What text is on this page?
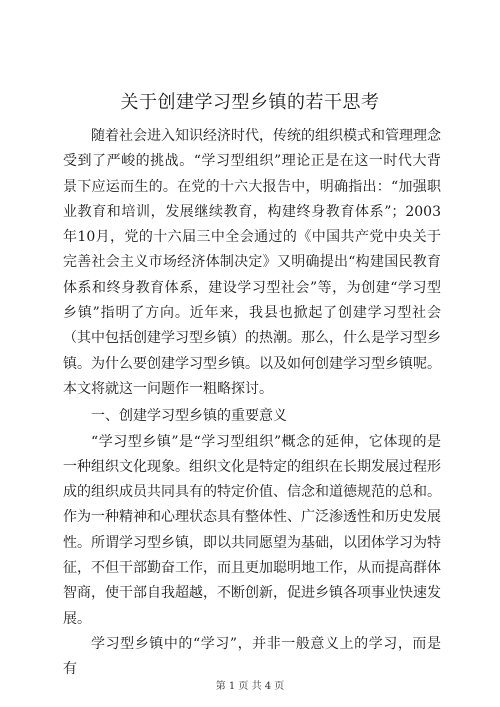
关于创建学习型乡镇的若干思考

随着社会进入知识经济时代，传统的组织模式和管理理念受到了严峻的挑战。“学习型组织”理论正是在这一时代大背景下应运而生的。在党的十六大报告中，明确指出：“加强职业教育和培训，发展继续教育，构建终身教育体系”；2003年10月，党的十六届三中全会通过的《中国共产党中央关于完善社会主义市场经济体制决定》又明确提出“构建国民教育体系和终身教育体系，建设学习型社会”等，为创建“学习型乡镇”指明了方向。近年来，我县也掀起了创建学习型社会（其中包括创建学习型乡镇）的热潮。那么，什么是学习型乡镇。为什么要创建学习型乡镇。以及如何创建学习型乡镇呢。本文将就这一问题作一粗略探讨。

一、创建学习型乡镇的重要意义

“学习型乡镇”是“学习型组织”概念的延伸，它体现的是一种组织文化现象。组织文化是特定的组织在长期发展过程形成的组织成员共同具有的特定价值、信念和道德规范的总和。作为一种精神和心理状态具有整体性、广泛渗透性和历史发展性。所谓学习型乡镇，即以共同愿望为基础，以团体学习为特征，不但干部勤奋工作，而且更加聪明地工作，从而提高群体智商，使干部自我超越，不断创新，促进乡镇各项事业快速发展。

学习型乡镇中的“学习”，并非一般意义上的学习，而是有

第 1 页 共 4 页
